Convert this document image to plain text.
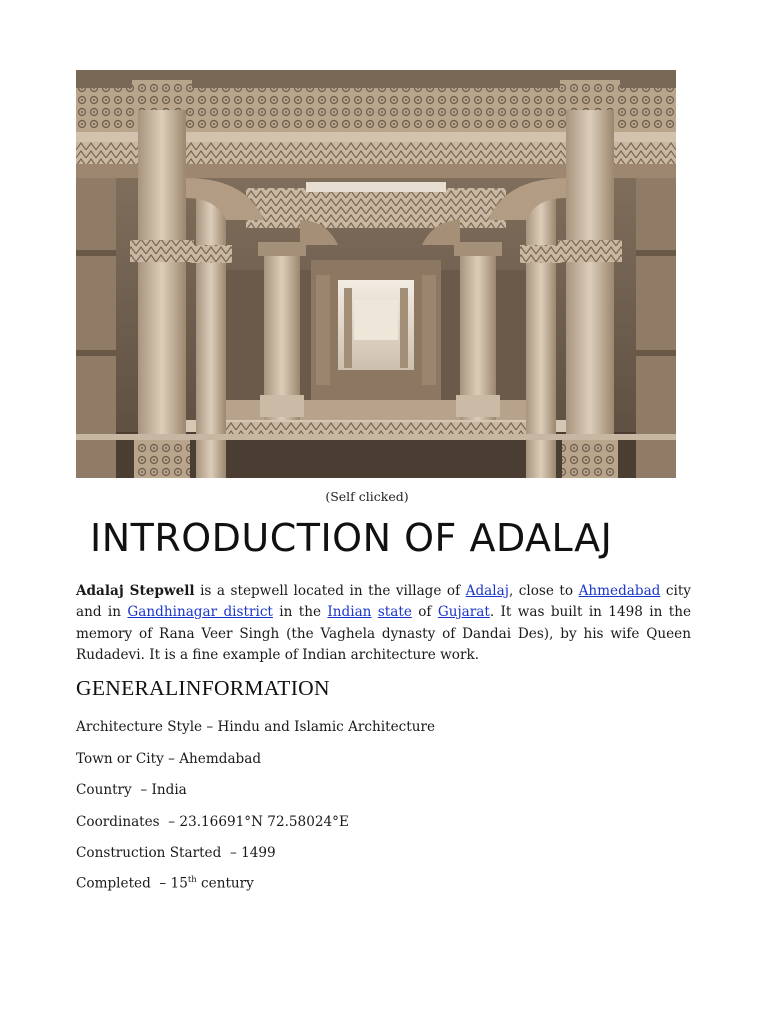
(Self clicked)
INTRODUCTION OF ADALAJ

Adalaj Stepwell is a stepwell located in the village of Adalaj, close to Ahmedabad city and in Gandhinagar district in the Indian state of Gujarat. It was built in 1498 in the memory of Rana Veer Singh (the Vaghela dynasty of Dandai Des), by his wife Queen Rudadevi. It is a fine example of Indian architecture work.

GENERALINFORMATION
Architecture Style – Hindu and Islamic Architecture
Town or City – Ahemdabad
Country  – India
Coordinates  – 23.16691°N 72.58024°E
Construction Started  – 1499
Completed  – 15th century
